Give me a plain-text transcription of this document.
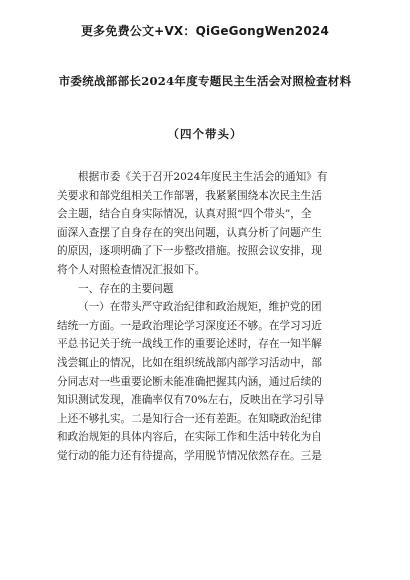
更多免费公文+VX：QiGeGongWen2024
市委统战部部长2024年度专题民主生活会对照检查材料
（四个带头）
根据市委《关于召开2024年度民主生活会的通知》有
关要求和部党组相关工作部署，我紧紧围绕本次民主生活
会主题，结合自身实际情况，认真对照“四个带头”，全
面深入查摆了自身存在的突出问题，认真分析了问题产生
的原因，逐项明确了下一步整改措施。按照会议安排，现
将个人对照检查情况汇报如下。
一、存在的主要问题
（一）在带头严守政治纪律和政治规矩，维护党的团
结统一方面。一是政治理论学习深度还不够。在学习习近
平总书记关于统一战线工作的重要论述时，存在一知半解
浅尝辄止的情况，比如在组织统战部内部学习活动中，部
分同志对一些重要论断未能准确把握其内涵，通过后续的
知识测试发现，准确率仅有70%左右，反映出在学习引导
上还不够扎实。二是知行合一还有差距。在知晓政治纪律
和政治规矩的具体内容后，在实际工作和生活中转化为自
觉行动的能力还有待提高，学用脱节情况依然存在。三是
